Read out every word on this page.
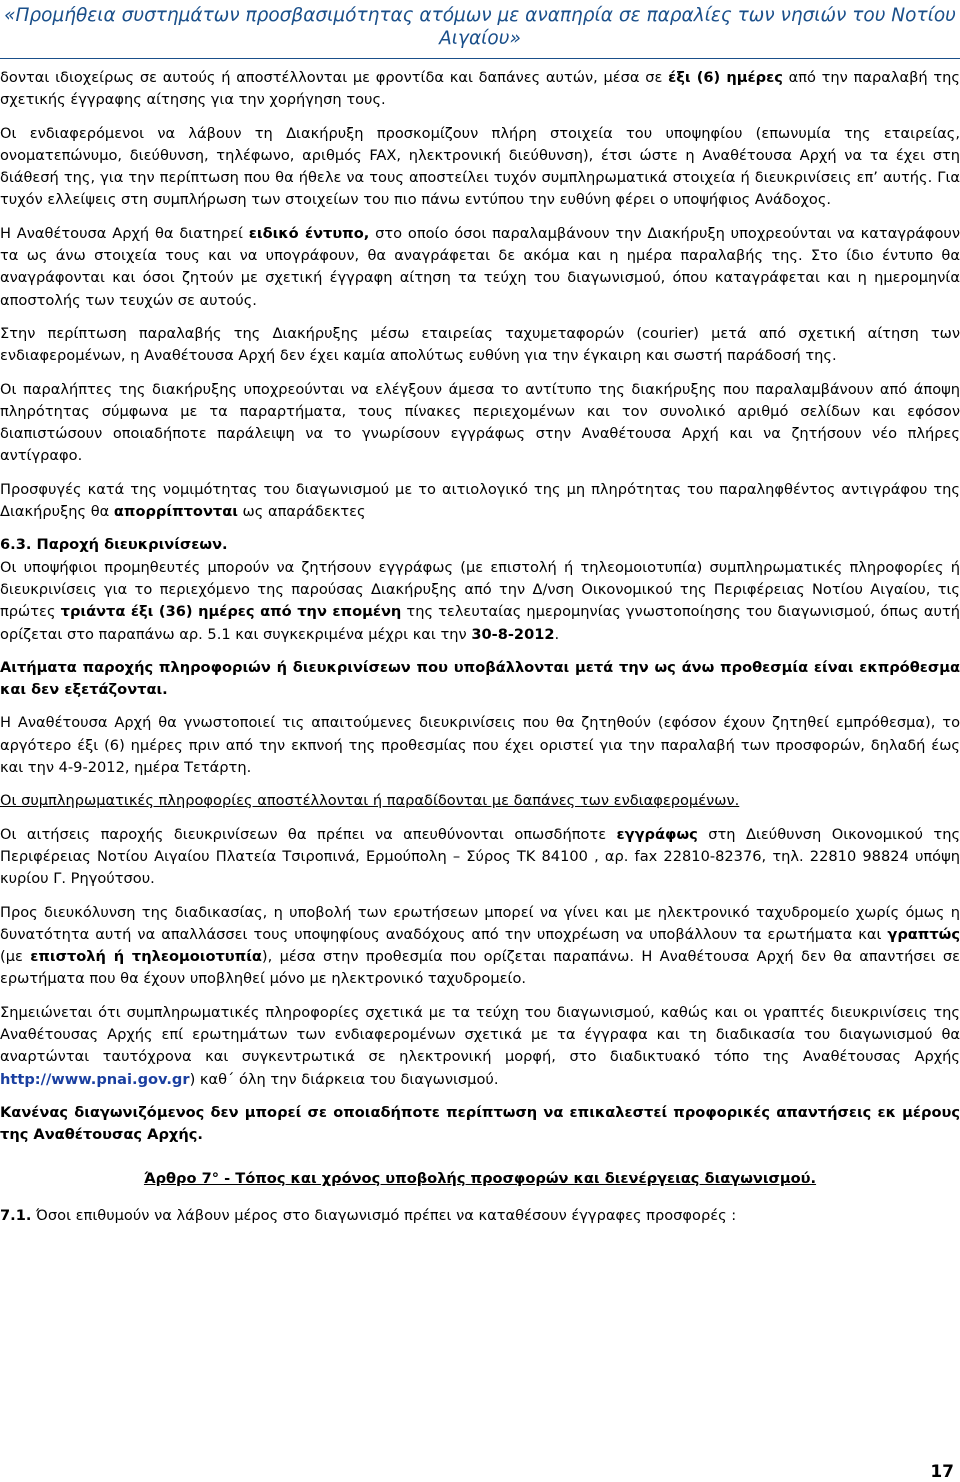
«Προμήθεια συστημάτων προσβασιμότητας ατόμων με αναπηρία σε παραλίες των νησιών του Νοτίου
Αιγαίου»

δονται ιδιοχείρως σε αυτούς ή αποστέλλονται με φροντίδα και δαπάνες αυτών, μέσα σε έξι (6) ημέρες από την παραλαβή της σχετικής έγγραφης αίτησης για την χορήγηση τους.

Οι ενδιαφερόμενοι να λάβουν τη Διακήρυξη προσκομίζουν πλήρη στοιχεία του υποψηφίου (επωνυμία της εταιρείας, ονοματεπώνυμο, διεύθυνση, τηλέφωνο, αριθμός FAX, ηλεκτρονική διεύθυνση), έτσι ώστε η Αναθέτουσα Αρχή να τα έχει στη διάθεσή της, για την περίπτωση που θα ήθελε να τους αποστείλει τυχόν συμπληρωματικά στοιχεία ή διευκρινίσεις επ’ αυτής. Για τυχόν ελλείψεις στη συμπλήρωση των στοιχείων του πιο πάνω εντύπου την ευθύνη φέρει ο υποψήφιος Ανάδοχος.

Η Αναθέτουσα Αρχή θα διατηρεί ειδικό έντυπο, στο οποίο όσοι παραλαμβάνουν την Διακήρυξη υποχρεούνται να καταγράφουν τα ως άνω στοιχεία τους και να υπογράφουν, θα αναγράφεται δε ακόμα και η ημέρα παραλαβής της. Στο ίδιο έντυπο θα αναγράφονται και όσοι ζητούν με σχετική έγγραφη αίτηση τα τεύχη του διαγωνισμού, όπου καταγράφεται και η ημερομηνία αποστολής των τευχών σε αυτούς.

Στην περίπτωση παραλαβής της Διακήρυξης μέσω εταιρείας ταχυμεταφορών (courier) μετά από σχετική αίτηση των ενδιαφερομένων, η Αναθέτουσα Αρχή δεν έχει καμία απολύτως ευθύνη για την έγκαιρη και σωστή παράδοσή της.

Οι παραλήπτες της διακήρυξης υποχρεούνται να ελέγξουν άμεσα το αντίτυπο της διακήρυξης που παραλαμβάνουν από άποψη πληρότητας σύμφωνα με τα παραρτήματα, τους πίνακες περιεχομένων και τον συνολικό αριθμό σελίδων και εφόσον διαπιστώσουν οποιαδήποτε παράλειψη να το γνωρίσουν εγγράφως στην Αναθέτουσα Αρχή και να ζητήσουν νέο πλήρες αντίγραφο.

Προσφυγές κατά της νομιμότητας του διαγωνισμού με το αιτιολογικό της μη πληρότητας του παραληφθέντος αντιγράφου της Διακήρυξης θα απορρίπτονται ως απαράδεκτες

6.3. Παροχή διευκρινίσεων.

Οι υποψήφιοι προμηθευτές μπορούν να ζητήσουν εγγράφως (με επιστολή ή τηλεομοιοτυπία) συμπληρωματικές πληροφορίες ή διευκρινίσεις για το περιεχόμενο της παρούσας Διακήρυξης από την Δ/νση Οικονομικού της Περιφέρειας Νοτίου Αιγαίου, τις πρώτες τριάντα έξι (36) ημέρες από την επομένη της τελευταίας ημερομηνίας γνωστοποίησης του διαγωνισμού, όπως αυτή ορίζεται στο παραπάνω αρ. 5.1 και συγκεκριμένα μέχρι και την 30-8-2012.

Αιτήματα παροχής πληροφοριών ή διευκρινίσεων που υποβάλλονται μετά την ως άνω προθεσμία είναι εκπρόθεσμα και δεν εξετάζονται.

Η Αναθέτουσα Αρχή θα γνωστοποιεί τις απαιτούμενες διευκρινίσεις που θα ζητηθούν (εφόσον έχουν ζητηθεί εμπρόθεσμα), το αργότερο έξι (6) ημέρες πριν από την εκπνοή της προθεσμίας που έχει οριστεί για την παραλαβή των προσφορών, δηλαδή έως και την 4-9-2012, ημέρα Τετάρτη.

Οι συμπληρωματικές πληροφορίες αποστέλλονται ή παραδίδονται με δαπάνες των ενδιαφερομένων.

Οι αιτήσεις παροχής διευκρινίσεων θα πρέπει να απευθύνονται οπωσδήποτε εγγράφως στη Διεύθυνση Οικονομικού της Περιφέρειας Νοτίου Αιγαίου Πλατεία Τσιροπινά, Ερμούπολη – Σύρος ΤΚ 84100 , αρ. fax 22810-82376, τηλ. 22810 98824 υπόψη κυρίου Γ. Ρηγούτσου.

Προς διευκόλυνση της διαδικασίας, η υποβολή των ερωτήσεων μπορεί να γίνει και με ηλεκτρονικό ταχυδρομείο χωρίς όμως η δυνατότητα αυτή να απαλλάσσει τους υποψηφίους αναδόχους από την υποχρέωση να υποβάλλουν τα ερωτήματα και γραπτώς (με επιστολή ή τηλεομοιοτυπία), μέσα στην προθεσμία που ορίζεται παραπάνω. Η Αναθέτουσα Αρχή δεν θα απαντήσει σε ερωτήματα που θα έχουν υποβληθεί μόνο με ηλεκτρονικό ταχυδρομείο.

Σημειώνεται ότι συμπληρωματικές πληροφορίες σχετικά με τα τεύχη του διαγωνισμού, καθώς και οι γραπτές διευκρινίσεις της Αναθέτουσας Αρχής επί ερωτημάτων των ενδιαφερομένων σχετικά με τα έγγραφα και τη διαδικασία του διαγωνισμού θα αναρτώνται ταυτόχρονα και συγκεντρωτικά σε ηλεκτρονική μορφή, στο διαδικτυακό τόπο της Αναθέτουσας Αρχής http://www.pnai.gov.gr) καθ΄ όλη την διάρκεια του διαγωνισμού.

Κανένας διαγωνιζόμενος δεν μπορεί σε οποιαδήποτε περίπτωση να επικαλεστεί προφορικές απαντήσεις εκ μέρους της Αναθέτουσας Αρχής.

Άρθρο 7° - Τόπος και χρόνος υποβολής προσφορών και διενέργειας διαγωνισμού.

7.1. Όσοι επιθυμούν να λάβουν μέρος στο διαγωνισμό πρέπει να καταθέσουν έγγραφες προσφορές :

17
